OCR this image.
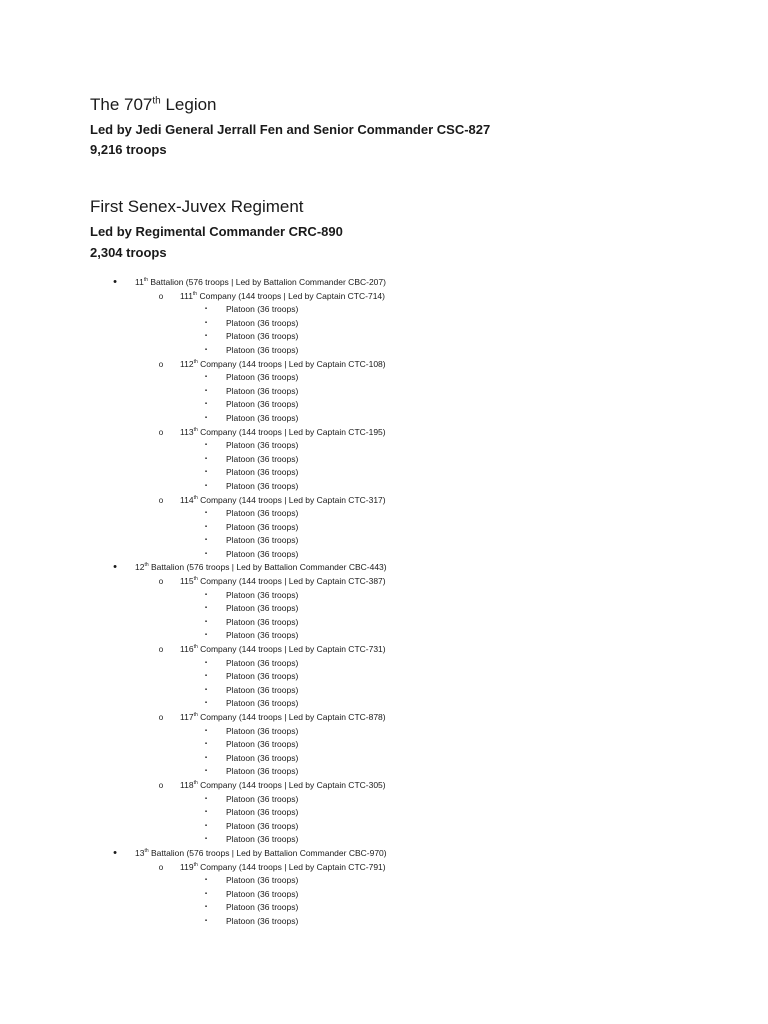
The 707th Legion

Led by Jedi General Jerrall Fen and Senior Commander CSC-827

9,216 troops

First Senex-Juvex Regiment

Led by Regimental Commander CRC-890

2,304 troops

•	11th Battalion (576 troops | Led by Battalion Commander CBC-207)
o	111th Company (144 troops | Led by Captain CTC-714)
▪	Platoon (36 troops)
▪	Platoon (36 troops)
▪	Platoon (36 troops)
▪	Platoon (36 troops)
o	112th Company (144 troops | Led by Captain CTC-108)
▪	Platoon (36 troops)
▪	Platoon (36 troops)
▪	Platoon (36 troops)
▪	Platoon (36 troops)
o	113th Company (144 troops | Led by Captain CTC-195)
▪	Platoon (36 troops)
▪	Platoon (36 troops)
▪	Platoon (36 troops)
▪	Platoon (36 troops)
o	114th Company (144 troops | Led by Captain CTC-317)
▪	Platoon (36 troops)
▪	Platoon (36 troops)
▪	Platoon (36 troops)
▪	Platoon (36 troops)
•	12th Battalion (576 troops | Led by Battalion Commander CBC-443)
o	115th Company (144 troops | Led by Captain CTC-387)
▪	Platoon (36 troops)
▪	Platoon (36 troops)
▪	Platoon (36 troops)
▪	Platoon (36 troops)
o	116th Company (144 troops | Led by Captain CTC-731)
▪	Platoon (36 troops)
▪	Platoon (36 troops)
▪	Platoon (36 troops)
▪	Platoon (36 troops)
o	117th Company (144 troops | Led by Captain CTC-878)
▪	Platoon (36 troops)
▪	Platoon (36 troops)
▪	Platoon (36 troops)
▪	Platoon (36 troops)
o	118th Company (144 troops | Led by Captain CTC-305)
▪	Platoon (36 troops)
▪	Platoon (36 troops)
▪	Platoon (36 troops)
▪	Platoon (36 troops)
•	13th Battalion (576 troops | Led by Battalion Commander CBC-970)
o	119th Company (144 troops | Led by Captain CTC-791)
▪	Platoon (36 troops)
▪	Platoon (36 troops)
▪	Platoon (36 troops)
▪	Platoon (36 troops)
